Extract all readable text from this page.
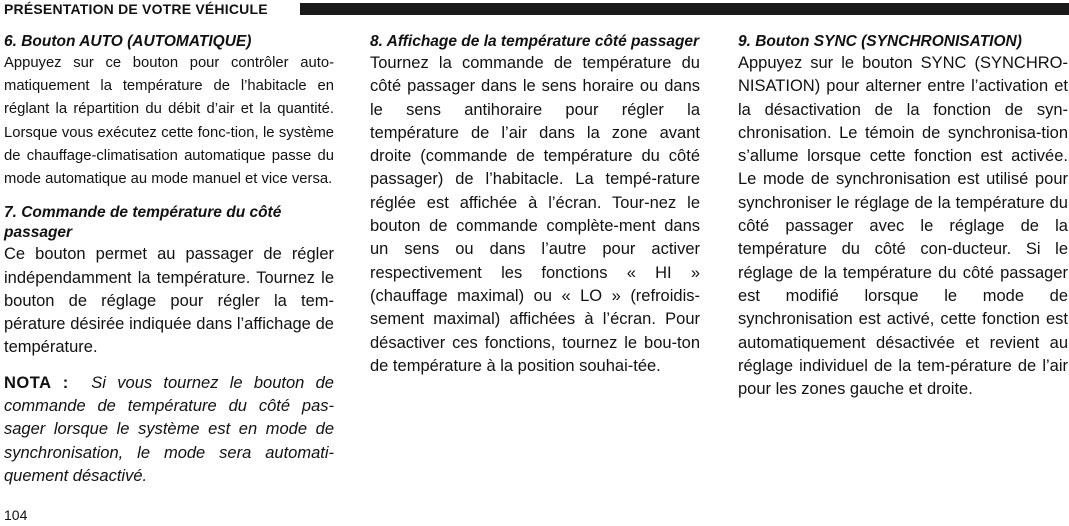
PRÉSENTATION DE VOTRE VÉHICULE
6. Bouton AUTO (AUTOMATIQUE)

Appuyez sur ce bouton pour contrôler auto-matiquement la température de l’habitacle en réglant la répartition du débit d’air et la quantité. Lorsque vous exécutez cette fonc-tion, le système de chauffage-climatisation automatique passe du mode automatique au mode manuel et vice versa.

7. Commande de température du côté passager

Ce bouton permet au passager de régler indépendamment la température. Tournez le bouton de réglage pour régler la tem-pérature désirée indiquée dans l’affichage de température.

NOTA : Si vous tournez le bouton de commande de température du côté pas-sager lorsque le système est en mode de synchronisation, le mode sera automati-quement désactivé.

8. Affichage de la température côté passager

Tournez la commande de température du côté passager dans le sens horaire ou dans le sens antihoraire pour régler la température de l’air dans la zone avant droite (commande de température du côté passager) de l’habitacle. La tempé-rature réglée est affichée à l’écran. Tour-nez le bouton de commande complète-ment dans un sens ou dans l’autre pour activer respectivement les fonctions « HI » (chauffage maximal) ou « LO » (refroidis-sement maximal) affichées à l’écran. Pour désactiver ces fonctions, tournez le bou-ton de température à la position souhai-tée.

9. Bouton SYNC (SYNCHRONISATION)

Appuyez sur le bouton SYNC (SYNCHRO-NISATION) pour alterner entre l’activation et la désactivation de la fonction de syn-chronisation. Le témoin de synchronisa-tion s’allume lorsque cette fonction est activée. Le mode de synchronisation est utilisé pour synchroniser le réglage de la température du côté passager avec le réglage de la température du côté con-ducteur. Si le réglage de la température du côté passager est modifié lorsque le mode de synchronisation est activé, cette fonction est automatiquement désactivée et revient au réglage individuel de la tem-pérature de l’air pour les zones gauche et droite.

104
